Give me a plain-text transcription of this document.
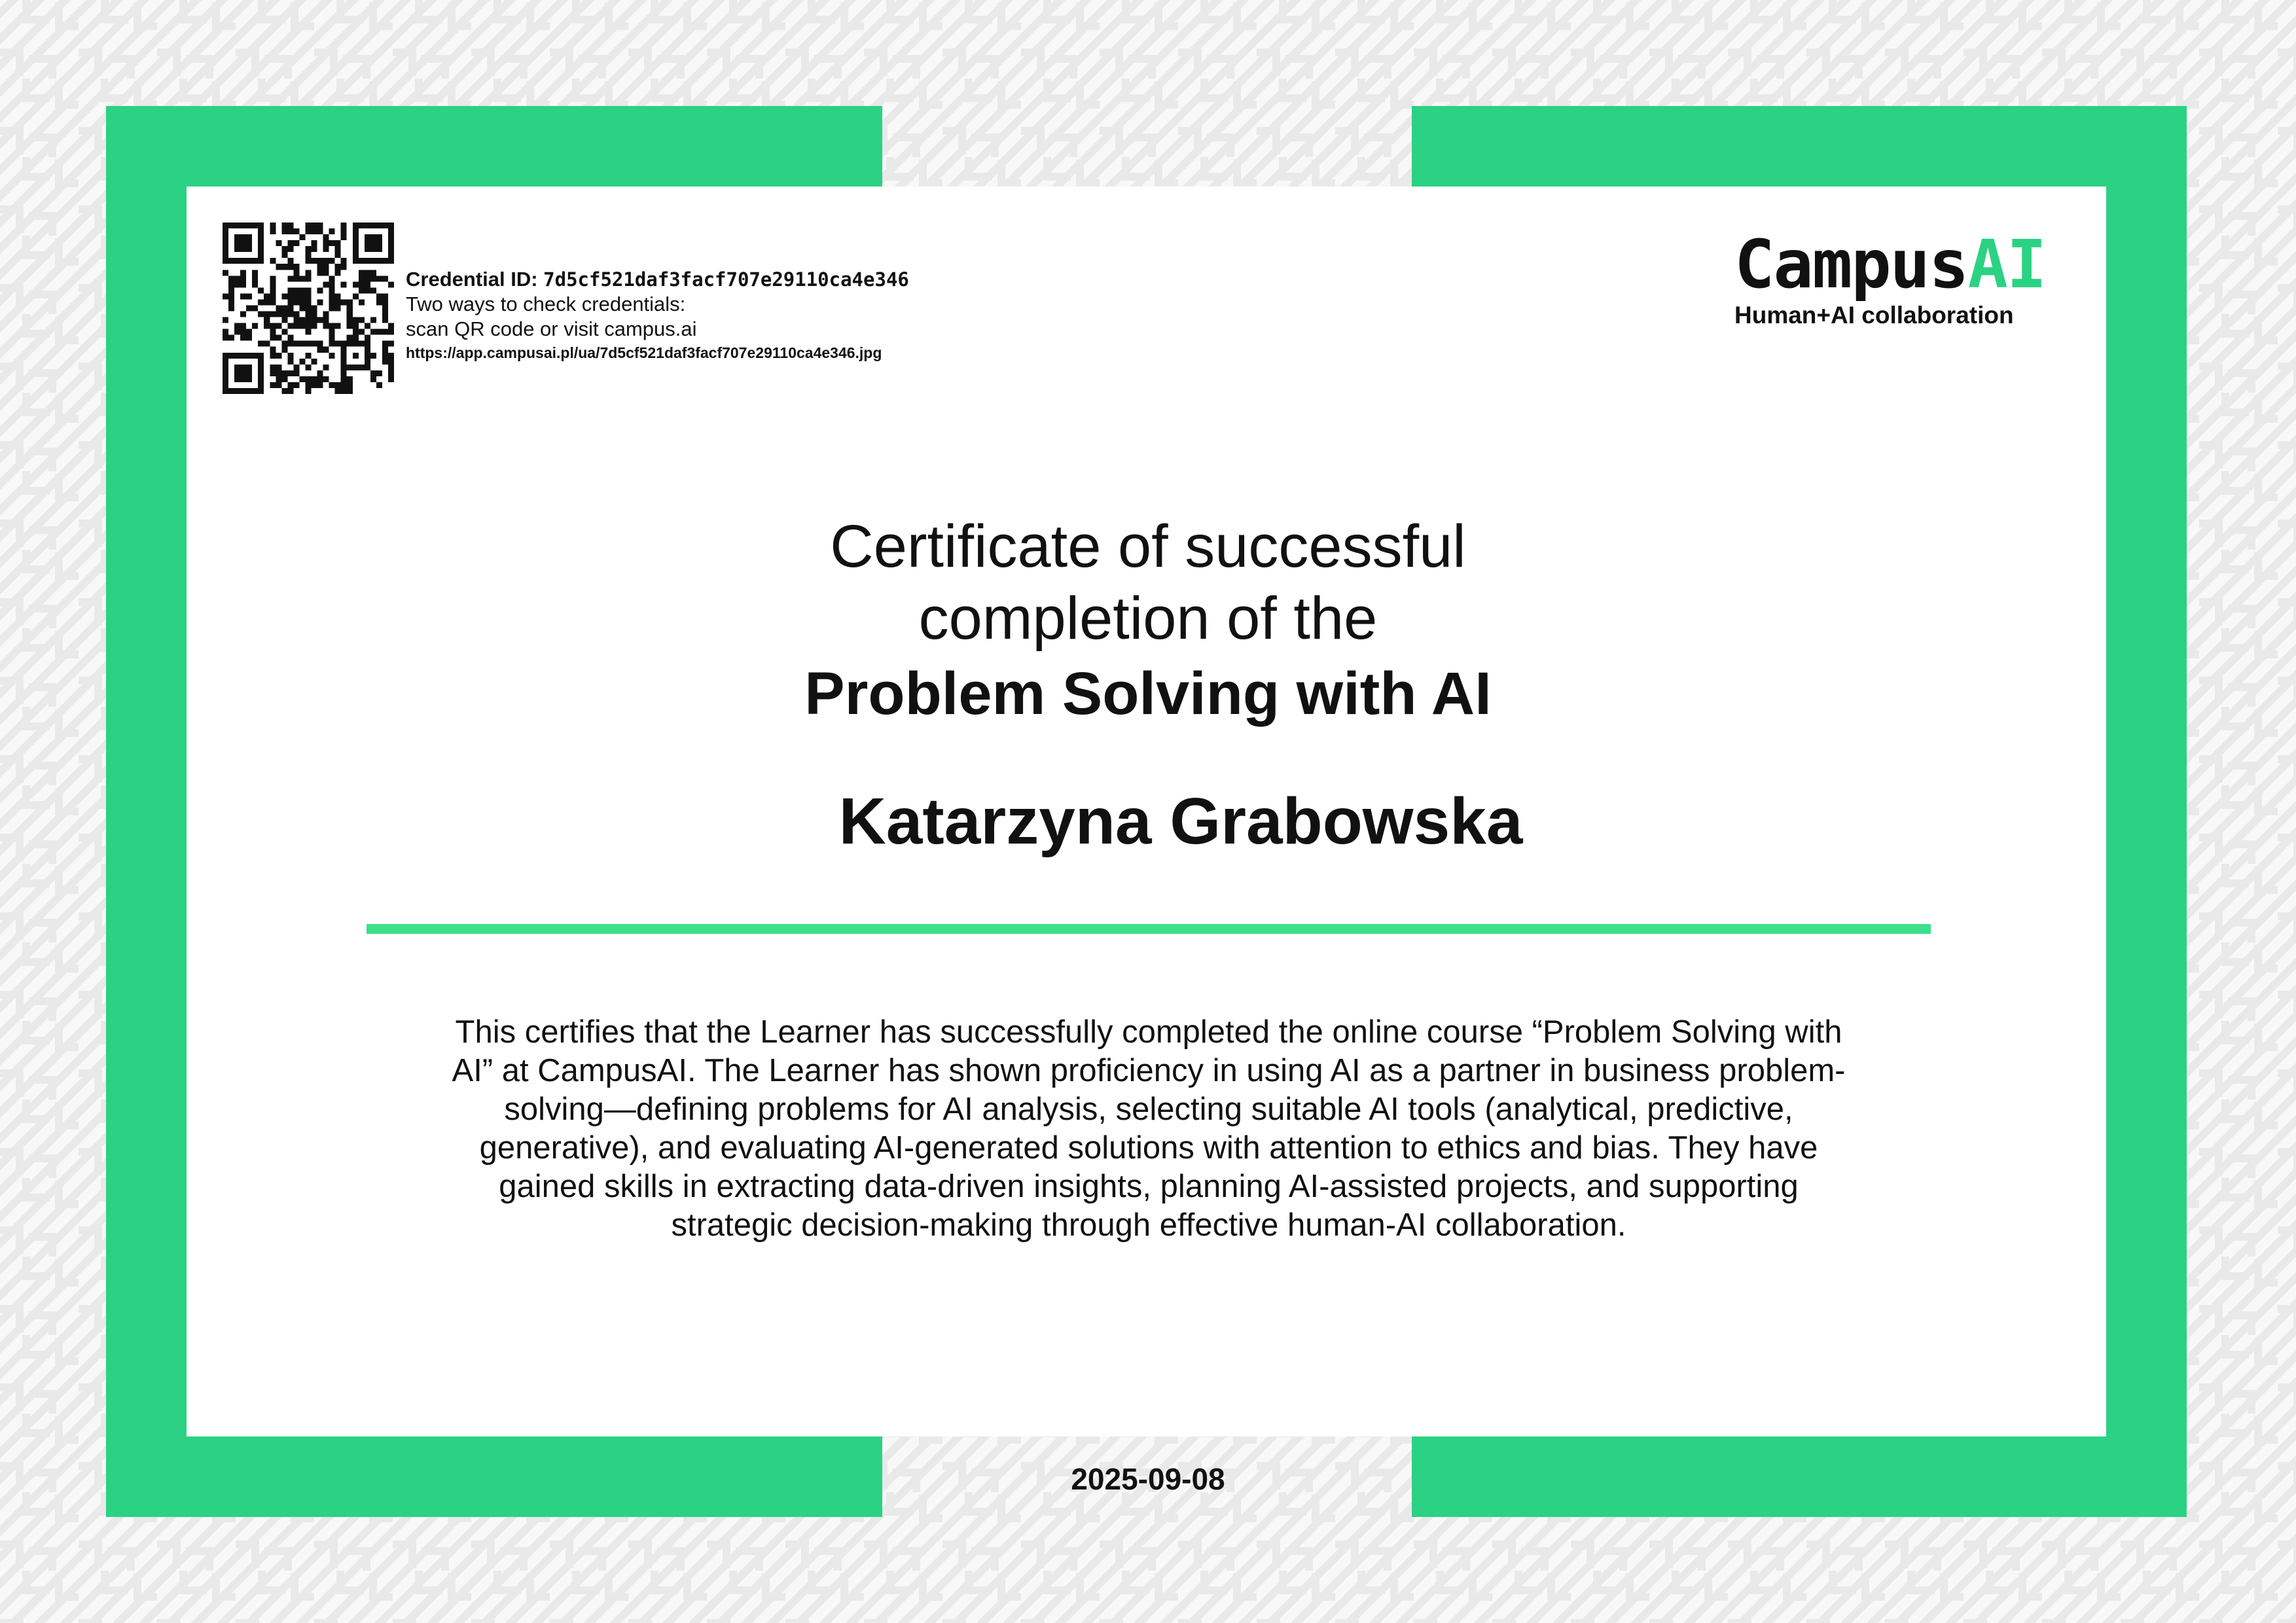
Credential ID: 7d5cf521daf3facf707e29110ca4e346
Two ways to check credentials:
scan QR code or visit campus.ai
https://app.campusai.pl/ua/7d5cf521daf3facf707e29110ca4e346.jpg
CampusAI
Human+AI collaboration
Certificate of successful
completion of the
Problem Solving with AI
Katarzyna Grabowska
This certifies that the Learner has successfully completed the online course “Problem Solving with AI” at CampusAI. The Learner has shown proficiency in using AI as a partner in business problem-solving—defining problems for AI analysis, selecting suitable AI tools (analytical, predictive, generative), and evaluating AI-generated solutions with attention to ethics and bias. They have gained skills in extracting data-driven insights, planning AI-assisted projects, and supporting strategic decision-making through effective human-AI collaboration.
2025-09-08
